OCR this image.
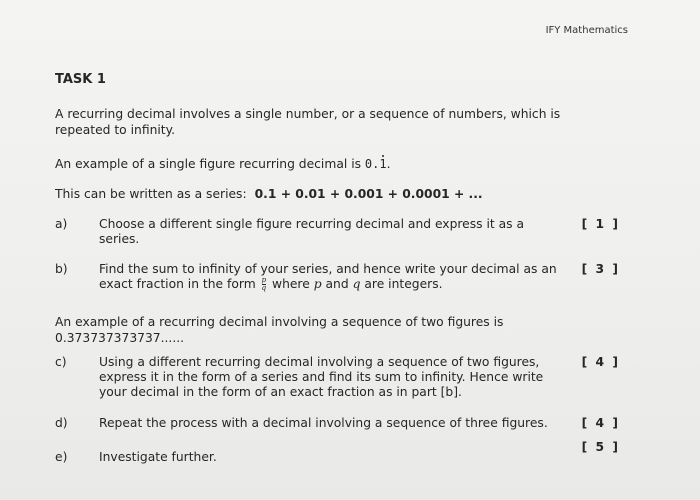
IFY Mathematics
TASK 1
A recurring decimal involves a single number, or a sequence of numbers, which is repeated to infinity.
An example of a single figure recurring decimal is 0.1.
This can be written as a series: 0.1 + 0.01 + 0.001 + 0.0001 + ...
a)	Choose a different single figure recurring decimal and express it as a series.
[ 1 ]
b)	Find the sum to infinity of your series, and hence write your decimal as an exact fraction in the form $\frac{p}{q}$ where p and q are integers.
[ 3 ]
An example of a recurring decimal involving a sequence of two figures is
0.373737373737......
c)	Using a different recurring decimal involving a sequence of two figures, express it in the form of a series and find its sum to infinity. Hence write your decimal in the form of an exact fraction as in part [b].
[ 4 ]
d)	Repeat the process with a decimal involving a sequence of three figures.	[ 4 ]
e)	Investigate further.
[ 5 ]
